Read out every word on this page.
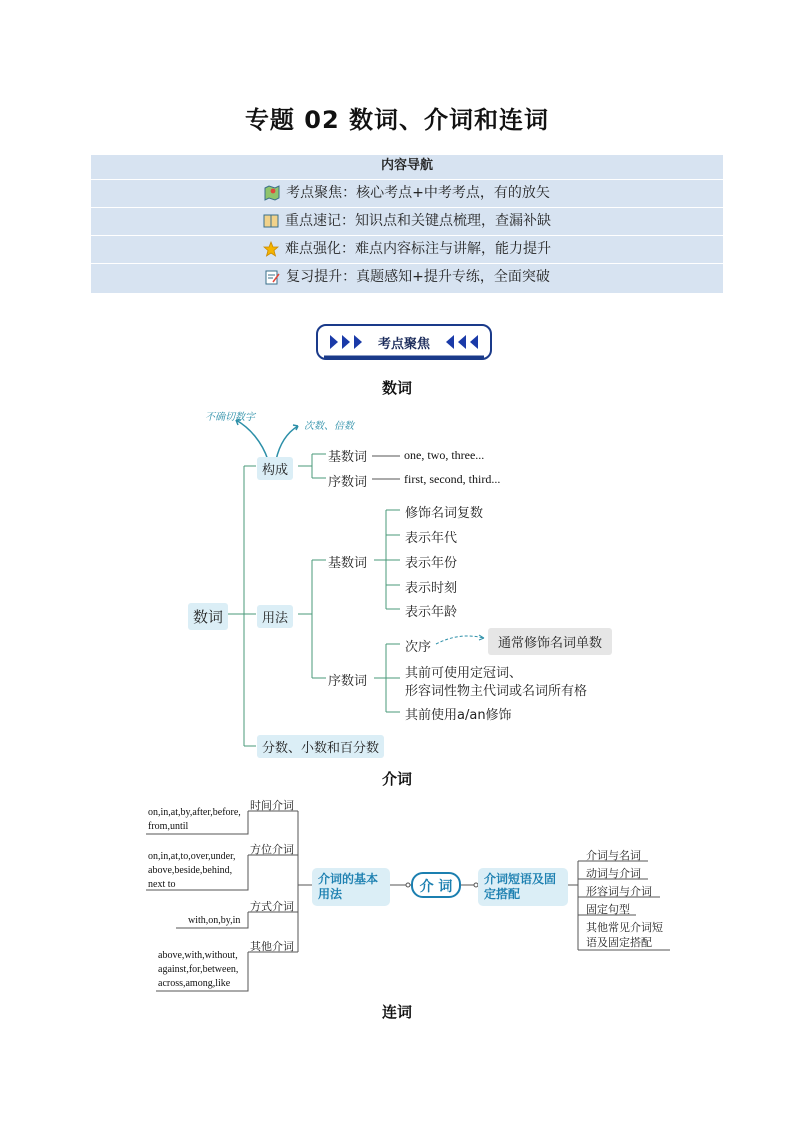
专题 02 数词、介词和连词
内容导航
考点聚焦：核心考点+中考考点，有的放矢
重点速记：知识点和关键点梳理，查漏补缺
难点强化：难点内容标注与讲解，能力提升
复习提升：真题感知+提升专练，全面突破
考点聚焦
数词
不确切数字
次数、倍数
数词
构成
基数词	one, two, three...
序数词	first, second, third...
用法
基数词
修饰名词复数
表示年代
表示年份
表示时刻
表示年龄
序数词
次序	通常修饰名词单数
其前可使用定冠词、
形容词性物主代词或名词所有格
其前使用a/an修饰
分数、小数和百分数
介词
时间介词
on,in,at,by,after,before,
from,until
方位介词
on,in,at,to,over,under,
above,beside,behind,
next to
方式介词
with,on,by,in
其他介词
above,with,without,
against,for,between,
across,among,like
介词的基本用法	介 词	介词短语及固定搭配
介词与名词
动词与介词
形容词与介词
固定句型
其他常见介词短
语及固定搭配
连词
